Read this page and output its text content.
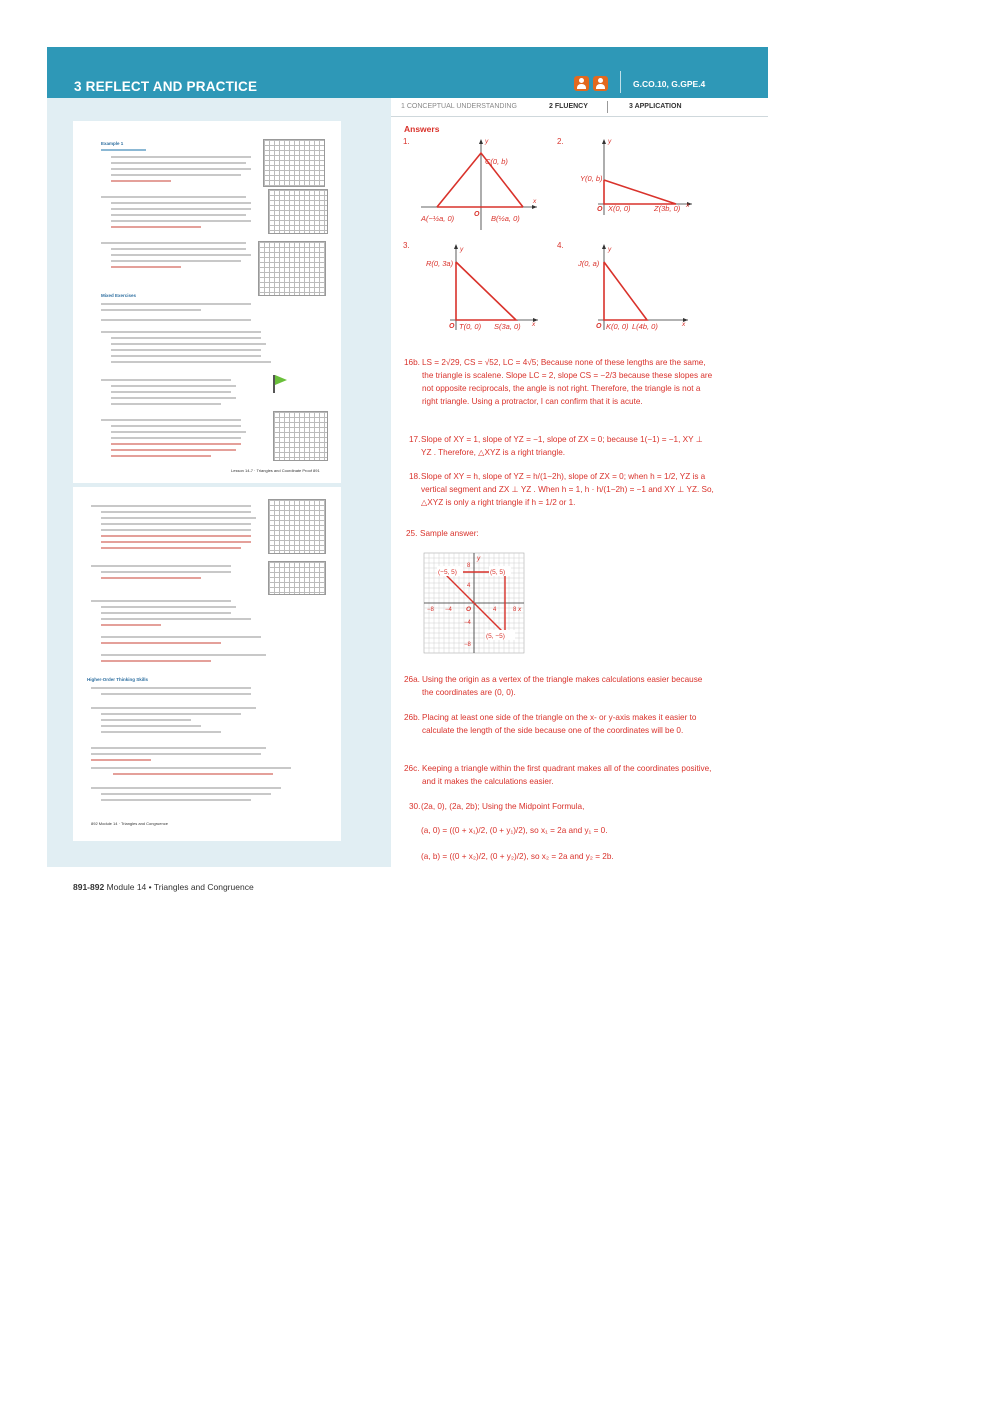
3 REFLECT AND PRACTICE	G.CO.10, G.GPE.4
1 CONCEPTUAL UNDERSTANDING	2 FLUENCY	3 APPLICATION
Answers
Example 1
Mixed Exercises
Lesson 14-7 · Triangles and Coordinate Proof 891
Higher-Order Thinking Skills
892 Module 14 · Triangles and Congruence
1.
C(0, b)
A(−½a, 0)	B(½a, 0)
O
y
x
2.
Y(0, b)
X(0, 0)	Z(3b, 0)
O
y
x
3.
R(0, 3a)
T(0, 0) S(3a, 0)
O
y
x
4.
J(0, a)
K(0, 0) L(4b, 0)
O
y
x
16b. LS = 2√29, CS = √52, LC = 4√5; Because none of these lengths are the same, the triangle is scalene. Slope LC = 2, slope CS = −2/3 because these slopes are not opposite reciprocals, the angle is not right. Therefore, the triangle is not a right triangle. Using a protractor, I can confirm that it is acute.
17. Slope of XY = 1, slope of YZ = −1, slope of ZX = 0; because 1(−1) = −1, XY ⊥ YZ . Therefore, △XYZ is a right triangle.
18. Slope of XY = h, slope of YZ = h/(1−2h), slope of ZX = 0; when h = 1/2, YZ is a vertical segment and ZX ⊥ YZ . When h = 1, h · h/(1−2h) = −1 and XY ⊥ YZ. So, △XYZ is only a right triangle if h = 1/2 or 1.
25. Sample answer:
(−5, 5)	(5, 5)
(5, −5)
8
4
−4
−8
−8 −4	4	8
O
y
x
26a. Using the origin as a vertex of the triangle makes calculations easier because the coordinates are (0, 0).
26b. Placing at least one side of the triangle on the x- or y-axis makes it easier to calculate the length of the side because one of the coordinates will be 0.
26c. Keeping a triangle within the first quadrant makes all of the coordinates positive, and it makes the calculations easier.
30. (2a, 0), (2a, 2b); Using the Midpoint Formula,
(a, 0) = ((0 + x₁)/2, (0 + y₁)/2), so x₁ = 2a and y₁ = 0.
(a, b) = ((0 + x₂)/2, (0 + y₂)/2), so x₂ = 2a and y₂ = 2b.
891-892 Module 14 • Triangles and Congruence
